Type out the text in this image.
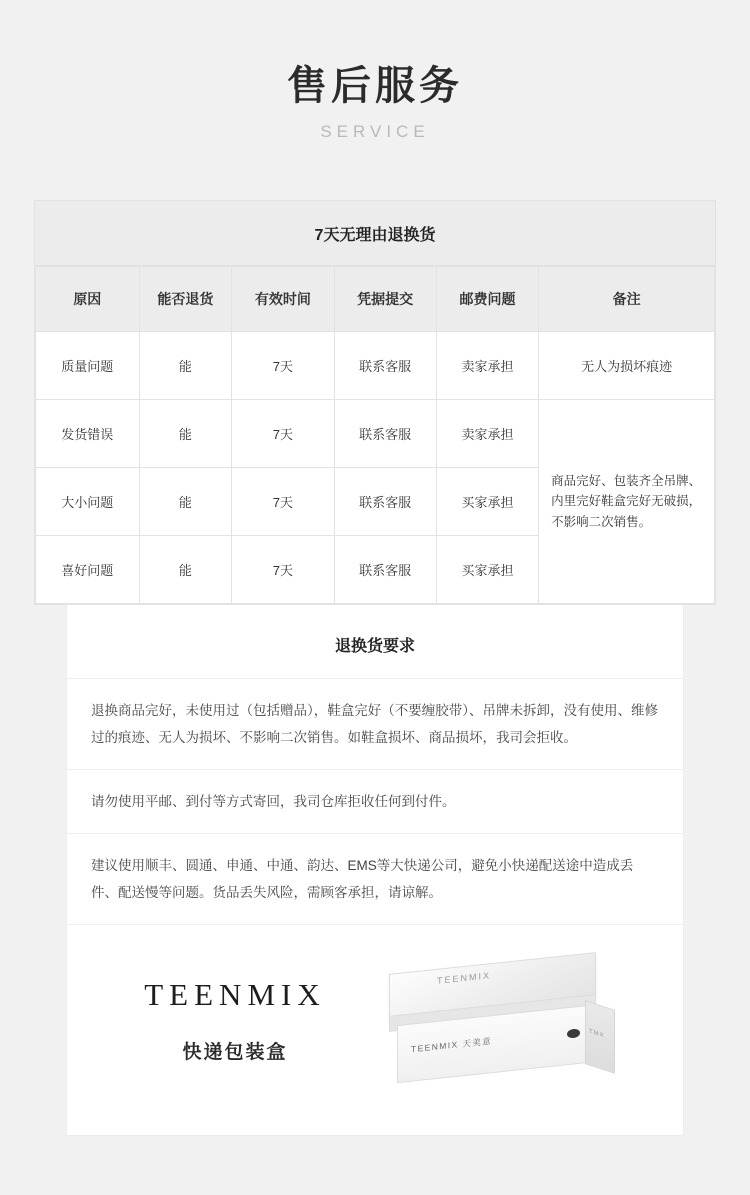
售后服务
SERVICE
7天无理由退换货
原因	能否退货	有效时间	凭据提交	邮费问题	备注
质量问题	能	7天	联系客服	卖家承担	无人为损坏痕迹
发货错误	能	7天	联系客服	卖家承担	商品完好、包装齐全吊牌、内里完好鞋盒完好无破损，不影响二次销售。
大小问题	能	7天	联系客服	买家承担	
喜好问题	能	7天	联系客服	买家承担	
退换货要求
退换商品完好，未使用过（包括赠品），鞋盒完好（不要缠胶带）、吊牌未拆卸，没有使用、维修过的痕迹、无人为损坏、不影响二次销售。如鞋盒损坏、商品损坏，我司会拒收。
请勿使用平邮、到付等方式寄回，我司仓库拒收任何到付件。
建议使用顺丰、圆通、申通、中通、韵达、EMS等大快递公司，避免小快递配送途中造成丢件、配送慢等问题。货品丢失风险，需顾客承担，请谅解。
TEENMIX
快递包装盒
TEENMIX
TEENMIX 天美意
TMX
